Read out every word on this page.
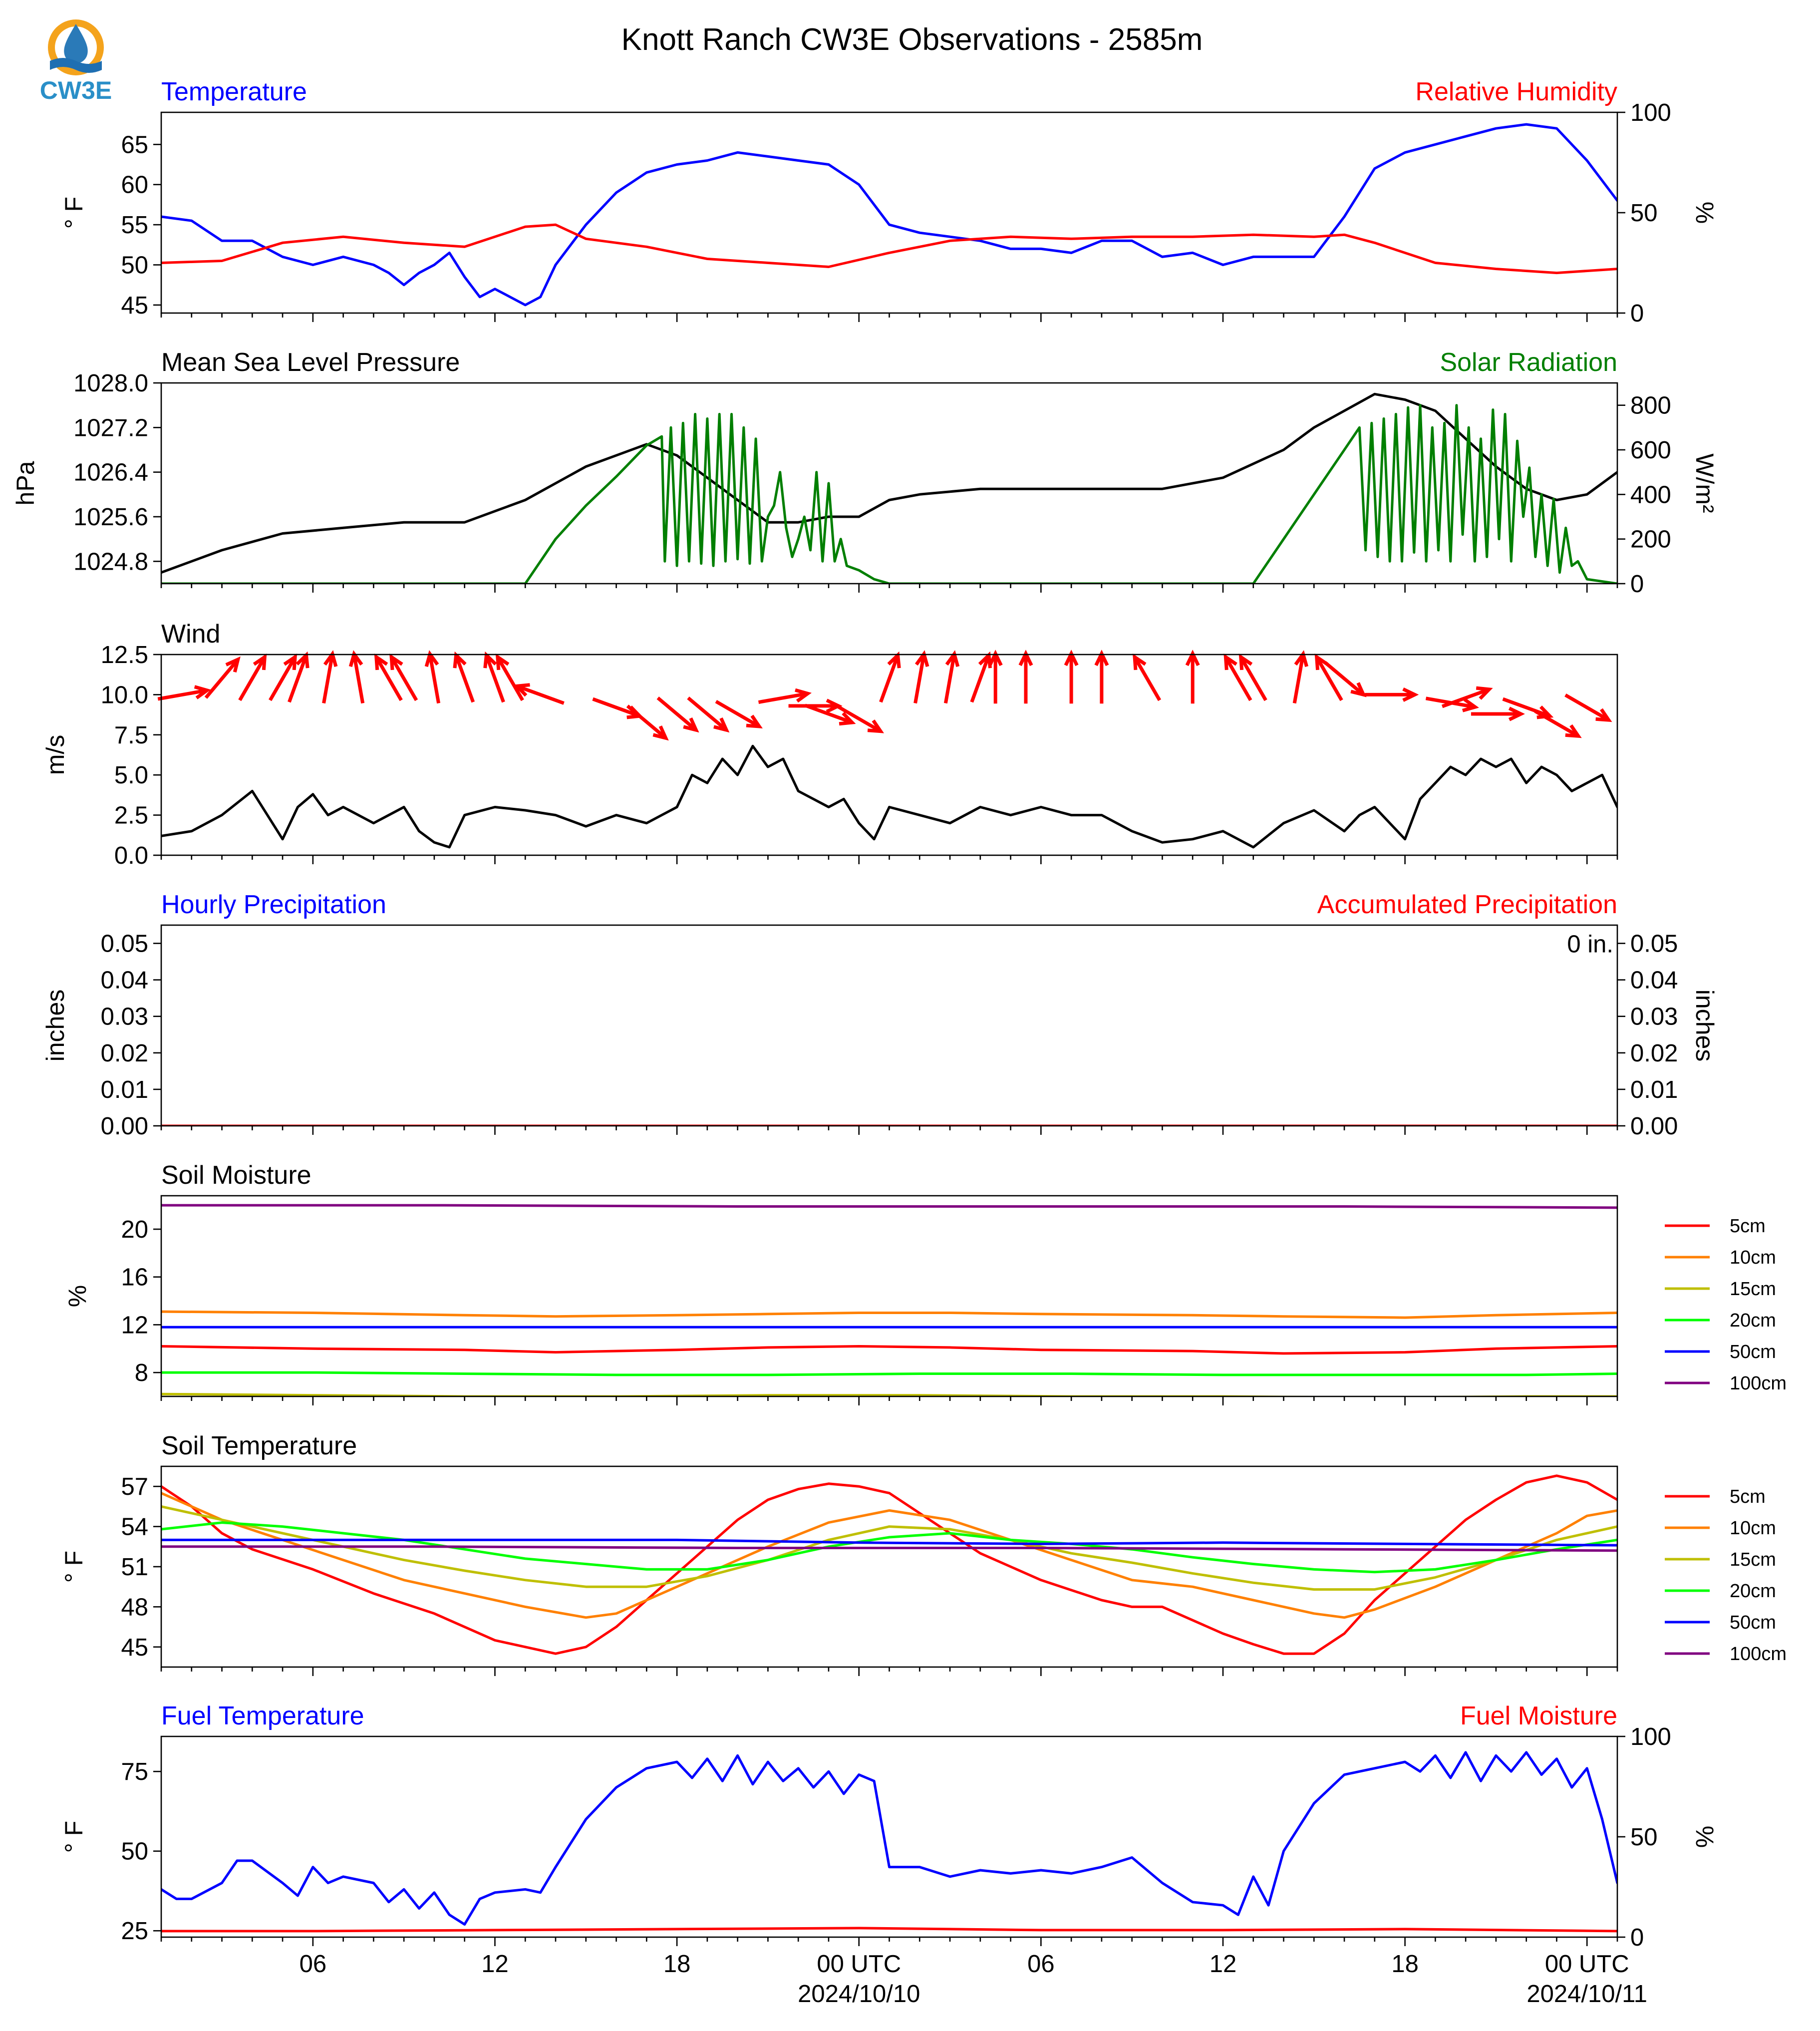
CW3E
Knott Ranch CW3E Observations - 2585m
Temperature	Relative Humidity
45
50
55
60
65
0
50
100
° F	%
Mean Sea Level Pressure	Solar Radiation
1024.8
1025.6
1026.4
1027.2
1028.0
0
200
400
600
800
hPa	W/m²
Wind
0.0
2.5
5.0
7.5
10.0
12.5
m/s
Hourly Precipitation	Accumulated Precipitation
0.00
0.01
0.02
0.03
0.04
0.05
0.00
0.01
0.02
0.03
0.04
0.05
inches	inches
0 in.
Soil Moisture
8
12
16
20
%
5cm
10cm
15cm
20cm
50cm
100cm
Soil Temperature
45
48
51
54
57
° F
5cm
10cm
15cm
20cm
50cm
100cm
Fuel Temperature	Fuel Moisture
25
50
75
0
50
100
° F	%
06	12	18	00 UTC	06	12	18	00 UTC
2024/10/10	2024/10/11
